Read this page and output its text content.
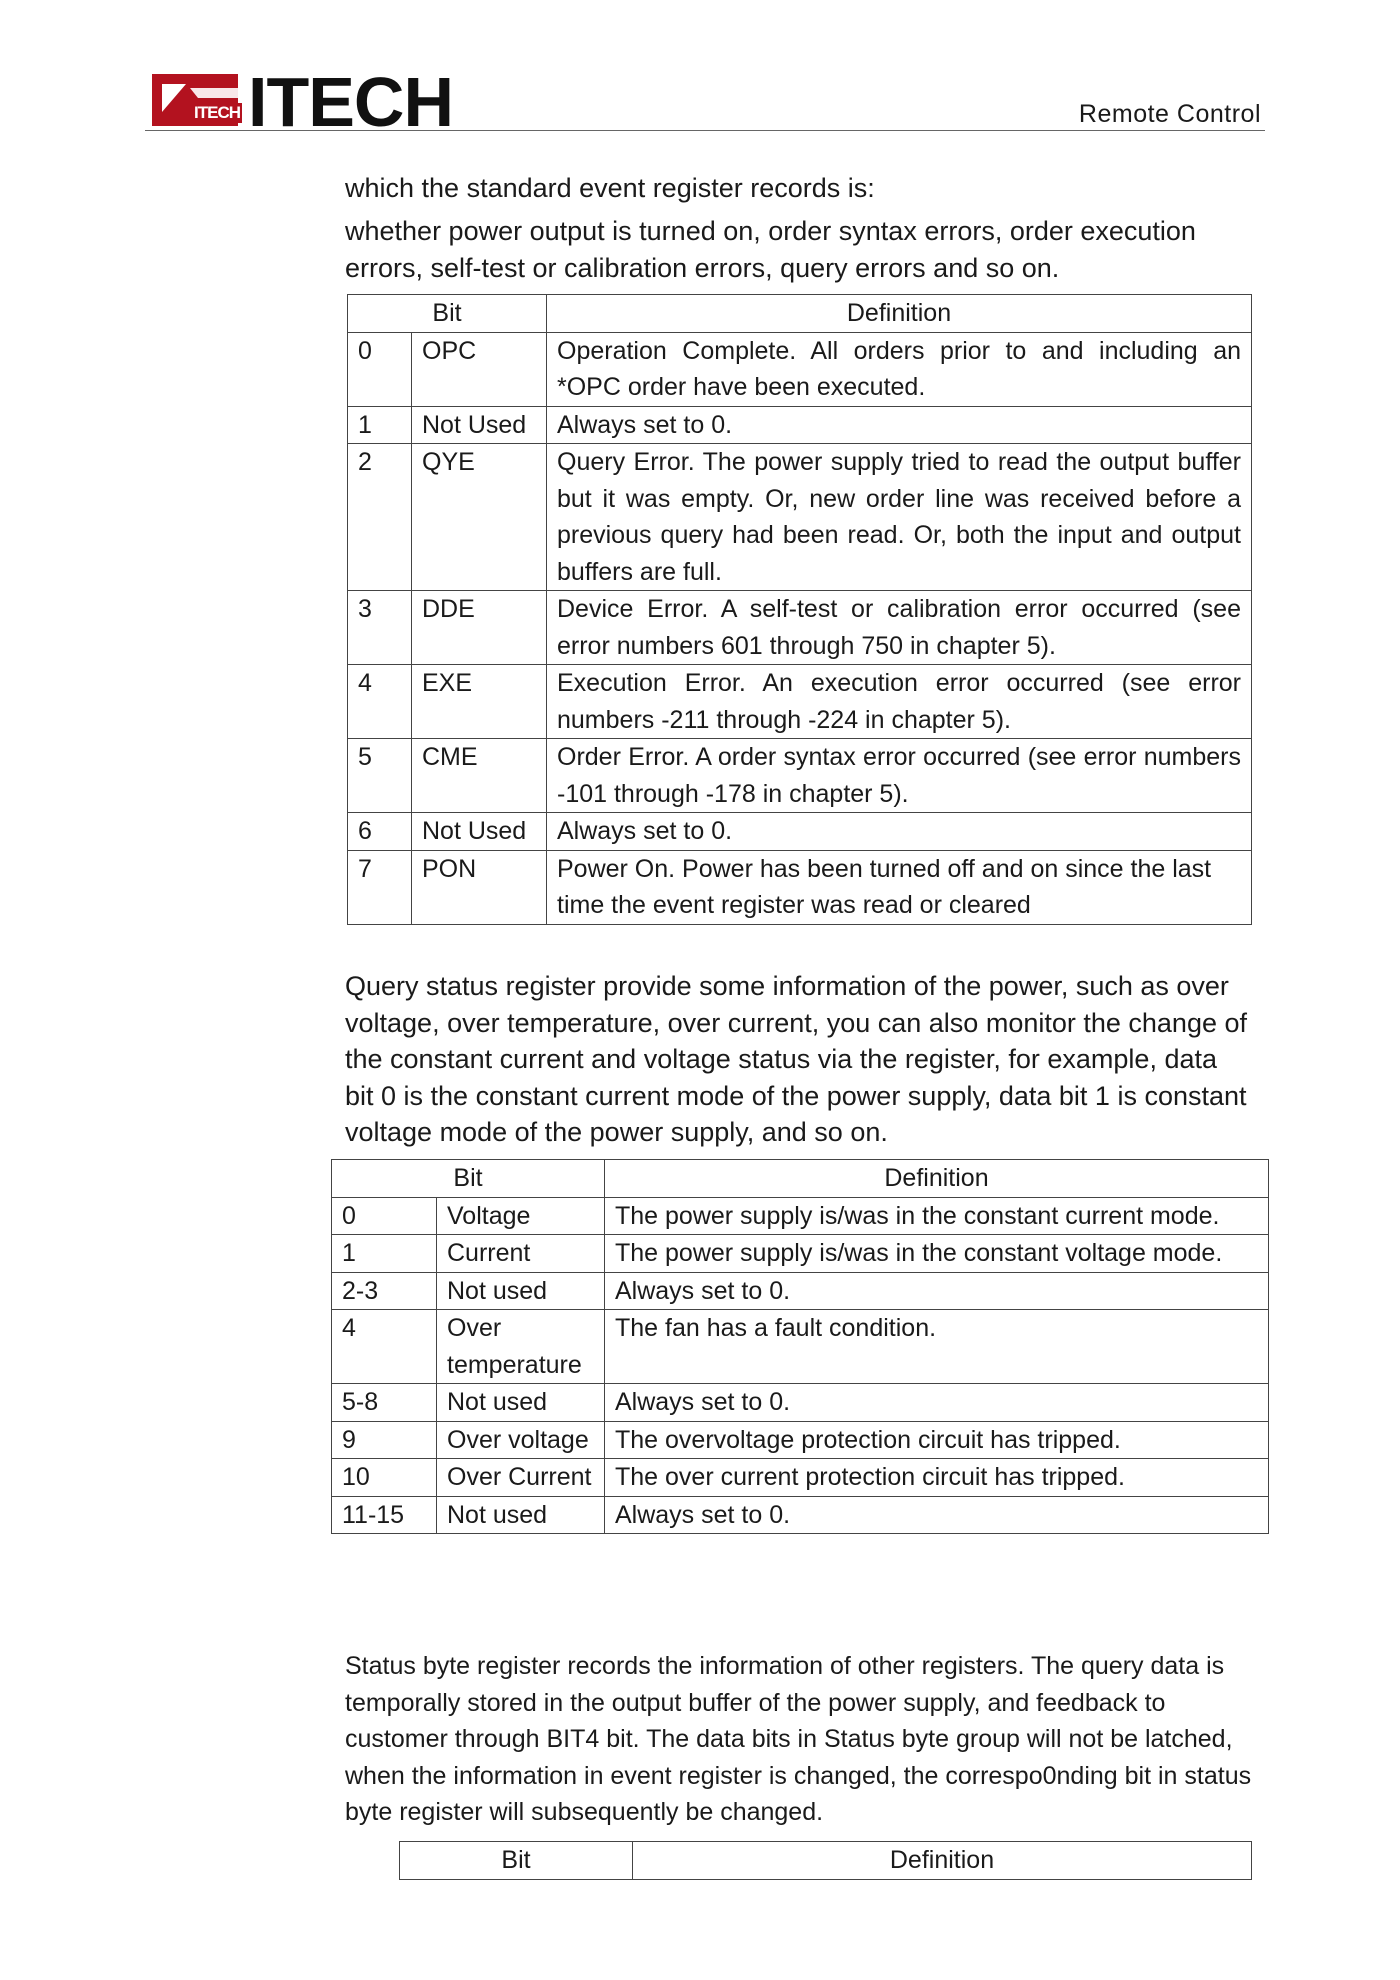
ITECH ITECH	Remote Control
which the standard event register records is:
whether power output is turned on, order syntax errors, order execution errors, self-test or calibration errors, query errors and so on.
Bit		Definition
0	OPC	Operation Complete. All orders prior to and including an *OPC order have been executed.
1	Not Used	Always set to 0.
2	QYE	Query Error. The power supply tried to read the output buffer but it was empty. Or, new order line was received before a previous query had been read. Or, both the input and output buffers are full.
3	DDE	Device Error. A self-test or calibration error occurred (see error numbers 601 through 750 in chapter 5).
4	EXE	Execution Error. An execution error occurred (see error numbers -211 through -224 in chapter 5).
5	CME	Order Error. A order syntax error occurred (see error numbers -101 through -178 in chapter 5).
6	Not Used	Always set to 0.
7	PON	Power On. Power has been turned off and on since the last time the event register was read or cleared
Query status register provide some information of the power, such as over voltage, over temperature, over current, you can also monitor the change of the constant current and voltage status via the register, for example, data bit 0 is the constant current mode of the power supply, data bit 1 is constant voltage mode of the power supply, and so on.
Bit		Definition
0	Voltage	The power supply is/was in the constant current mode.
1	Current	The power supply is/was in the constant voltage mode.
2-3	Not used	Always set to 0.
4	Over temperature	The fan has a fault condition.
5-8	Not used	Always set to 0.
9	Over voltage	The overvoltage protection circuit has tripped.
10	Over Current	The over current protection circuit has tripped.
11-15	Not used	Always set to 0.
Status byte register records the information of other registers. The query data is temporally stored in the output buffer of the power supply, and feedback to customer through BIT4 bit. The data bits in Status byte group will not be latched, when the information in event register is changed, the correspo0nding bit in status byte register will subsequently be changed.
Bit	Definition
